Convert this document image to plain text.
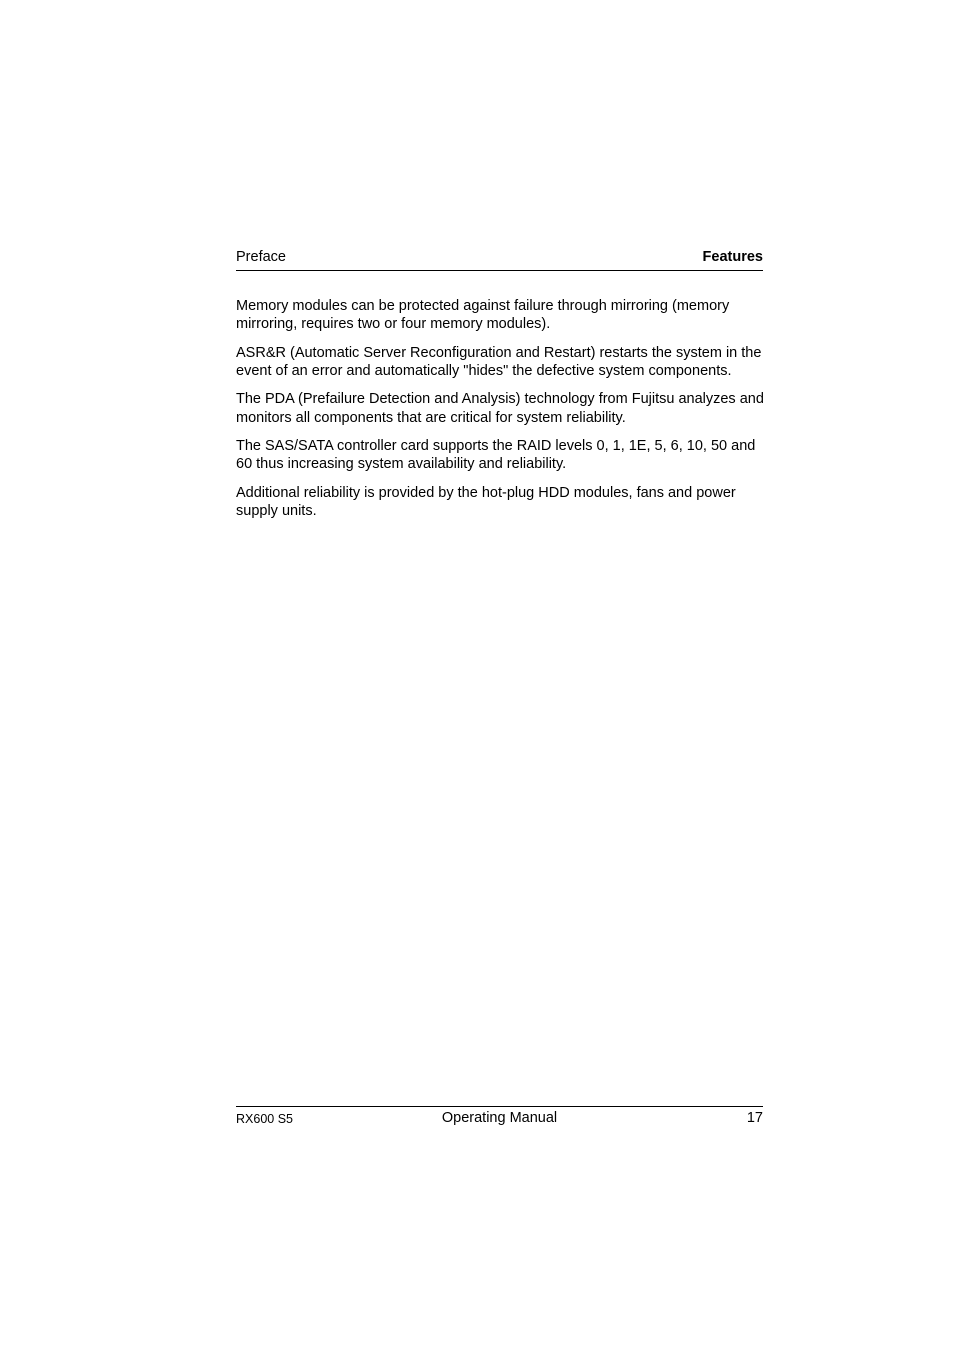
Preface	Features

Memory modules can be protected against failure through mirroring (memory mirroring, requires two or four memory modules).

ASR&R (Automatic Server Reconfiguration and Restart) restarts the system in the event of an error and automatically "hides" the defective system components.

The PDA (Prefailure Detection and Analysis) technology from Fujitsu analyzes and monitors all components that are critical for system reliability.

The SAS/SATA controller card supports the RAID levels 0, 1, 1E, 5, 6, 10, 50 and 60 thus increasing system availability and reliability.

Additional reliability is provided by the hot-plug HDD modules, fans and power supply units.

RX600 S5	Operating Manual	17
